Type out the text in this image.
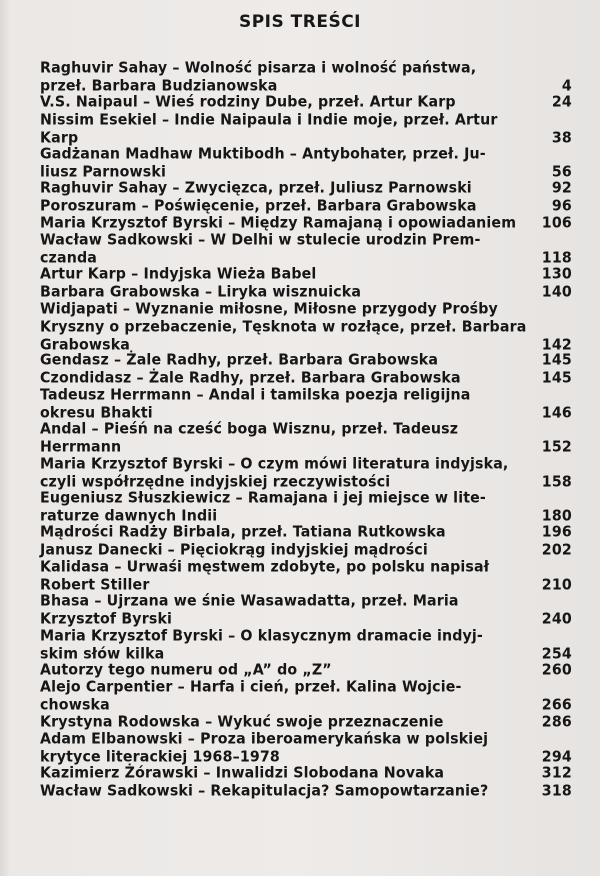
SPIS TREŚCI
Raghuvir Sahay – Wolność pisarza i wolność państwa,
przeł. Barbara Budzianowska	4
V.S. Naipaul – Wieś rodziny Dube, przeł. Artur Karp	24
Nissim Esekiel – Indie Naipaula i Indie moje, przeł. Artur
Karp	38
Gadżanan Madhaw Muktibodh – Antybohater, przeł. Ju-
liusz Parnowski	56
Raghuvir Sahay – Zwycięzca, przeł. Juliusz Parnowski	92
Poroszuram – Poświęcenie, przeł. Barbara Grabowska	96
Maria Krzysztof Byrski – Między Ramajaną i opowiadaniem	106
Wacław Sadkowski – W Delhi w stulecie urodzin Prem-
czanda	118
Artur Karp – Indyjska Wieża Babel	130
Barbara Grabowska – Liryka wisznuicka	140
Widjapati – Wyznanie miłosne, Miłosne przygody Prośby
Kryszny o przebaczenie, Tęsknota w rozłące, przeł. Barbara
Grabowska	142
Gendasz – Żale Radhy, przeł. Barbara Grabowska	145
Czondidasz – Żale Radhy, przeł. Barbara Grabowska	145
Tadeusz Herrmann – Andal i tamilska poezja religijna
okresu Bhakti	146
Andal – Pieśń na cześć boga Wisznu, przeł. Tadeusz
Herrmann	152
Maria Krzysztof Byrski – O czym mówi literatura indyjska,
czyli współrzędne indyjskiej rzeczywistości	158
Eugeniusz Słuszkiewicz – Ramajana i jej miejsce w lite-
raturze dawnych Indii	180
Mądrości Radży Birbala, przeł. Tatiana Rutkowska	196
Janusz Danecki – Pięciokrąg indyjskiej mądrości	202
Kalidasa – Urwaśi męstwem zdobyte, po polsku napisał
Robert Stiller	210
Bhasa – Ujrzana we śnie Wasawadatta, przeł. Maria
Krzysztof Byrski	240
Maria Krzysztof Byrski – O klasycznym dramacie indyj-
skim słów kilka	254
Autorzy tego numeru od „A” do „Z”	260
Alejo Carpentier – Harfa i cień, przeł. Kalina Wojcie-
chowska	266
Krystyna Rodowska – Wykuć swoje przeznaczenie	286
Adam Elbanowski – Proza iberoamerykańska w polskiej
krytyce literackiej 1968–1978	294
Kazimierz Żórawski – Inwalidzi Slobodana Novaka	312
Wacław Sadkowski – Rekapitulacja? Samopowtarzanie?	318
